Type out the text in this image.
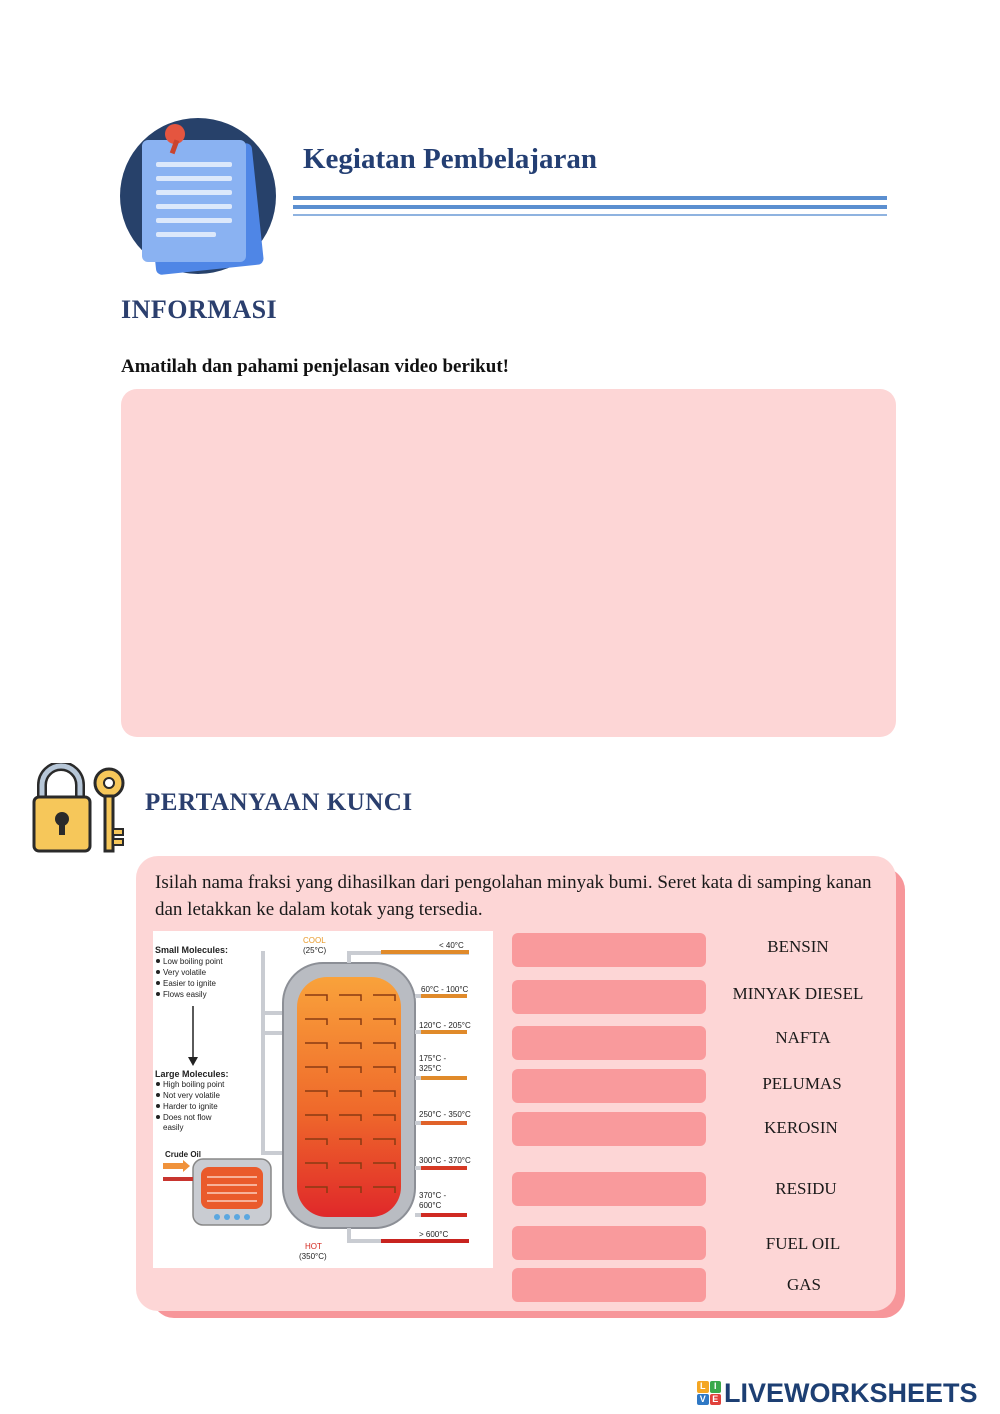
Kegiatan Pembelajaran
INFORMASI

Amatilah dan pahami penjelasan video berikut!

PERTANYAAN KUNCI

Isilah nama fraksi yang dihasilkan dari pengolahan minyak bumi. Seret kata di samping kanan dan letakkan ke dalam kotak yang tersedia.

Small Molecules:
Low boiling point
Very volatile
Easier to ignite
Flows easily
Large Molecules:
High boiling point
Not very volatile
Harder to ignite
Does not flow
easily
Crude Oil
COOL
(25°C)
HOT
(350°C)
< 40°C
60°C - 100°C
120°C - 205°C
175°C -
325°C
250°C - 350°C
300°C - 370°C
370°C -
600°C
> 600°C
BENSIN
MINYAK DIESEL
NAFTA
PELUMAS
KEROSIN
RESIDU
FUEL OIL
GAS
L I
V E LIVEWORKSHEETS
